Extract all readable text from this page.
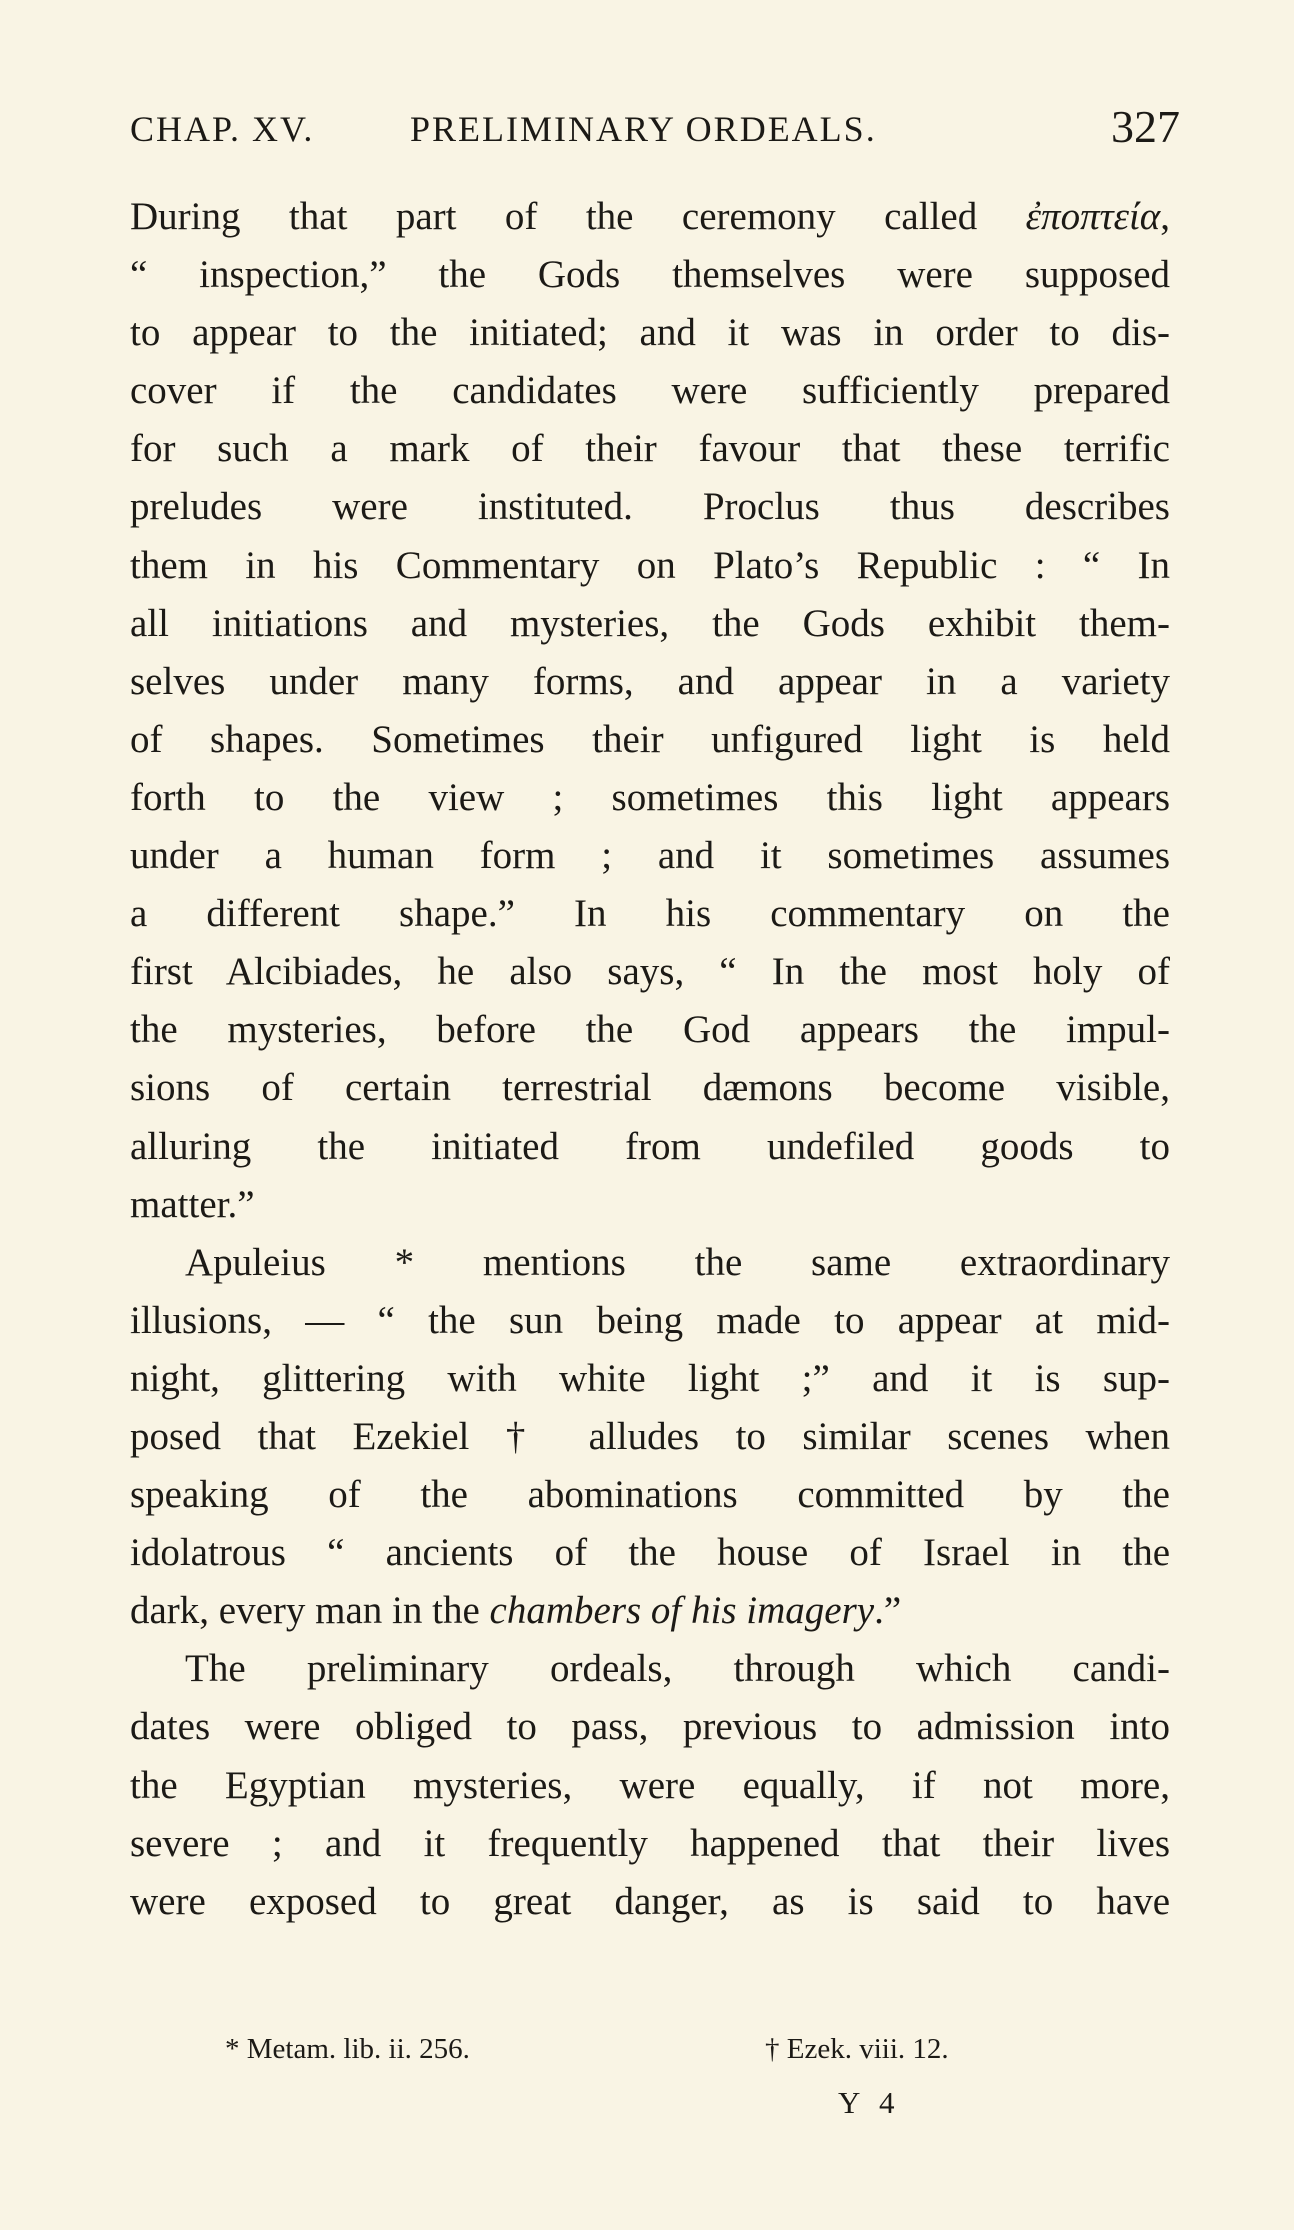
CHAP. XV.	PRELIMINARY ORDEALS.	327
During that part of the ceremony called ἐποπτεία,
“ inspection,” the Gods themselves were supposed
to appear to the initiated; and it was in order to dis-
cover if the candidates were sufficiently prepared
for such a mark of their favour that these terrific
preludes were instituted. Proclus thus describes
them in his Commentary on Plato’s Republic : “ In
all initiations and mysteries, the Gods exhibit them-
selves under many forms, and appear in a variety
of shapes. Sometimes their unfigured light is held
forth to the view ; sometimes this light appears
under a human form ; and it sometimes assumes
a different shape.” In his commentary on the
first Alcibiades, he also says, “ In the most holy of
the mysteries, before the God appears the impul-
sions of certain terrestrial dæmons become visible,
alluring the initiated from undefiled goods to
matter.”
Apuleius * mentions the same extraordinary
illusions, — “ the sun being made to appear at mid-
night, glittering with white light ;” and it is sup-
posed that Ezekiel † alludes to similar scenes when
speaking of the abominations committed by the
idolatrous “ ancients of the house of Israel in the
dark, every man in the chambers of his imagery.”
The preliminary ordeals, through which candi-
dates were obliged to pass, previous to admission into
the Egyptian mysteries, were equally, if not more,
severe ; and it frequently happened that their lives
were exposed to great danger, as is said to have
* Metam. lib. ii. 256.	† Ezek. viii. 12.
Y 4
